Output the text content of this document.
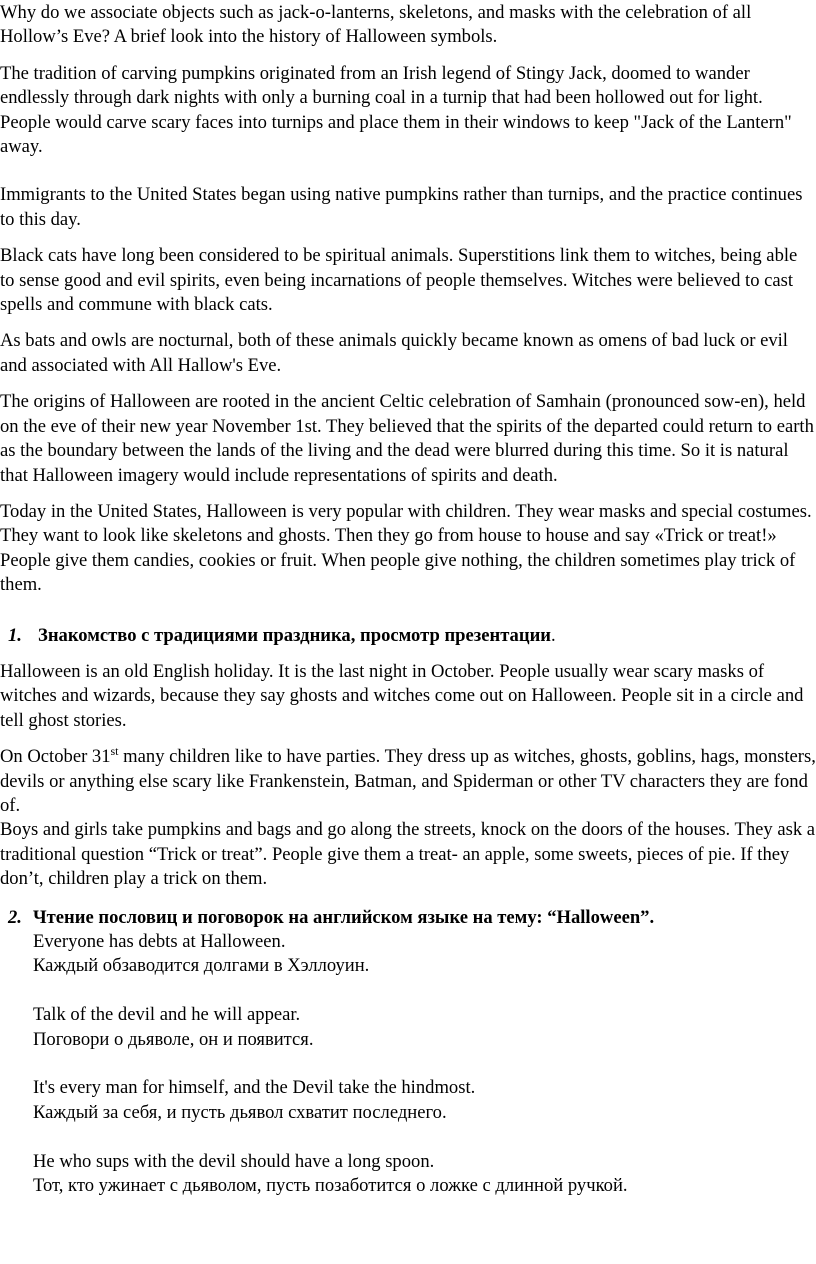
Why do we associate objects such as jack-o-lanterns, skeletons, and masks with the celebration of all Hollow’s Eve? A brief look into the history of Halloween symbols.

The tradition of carving pumpkins originated from an Irish legend of Stingy Jack, doomed to wander endlessly through dark nights with only a burning coal in a turnip that had been hollowed out for light. People would carve scary faces into turnips and place them in their windows to keep "Jack of the Lantern" away.

Immigrants to the United States began using native pumpkins rather than turnips, and the practice continues to this day.

Black cats have long been considered to be spiritual animals. Superstitions link them to witches, being able to sense good and evil spirits, even being incarnations of people themselves. Witches were believed to cast spells and commune with black cats.

As bats and owls are nocturnal, both of these animals quickly became known as omens of bad luck or evil and associated with All Hallow's Eve.

The origins of Halloween are rooted in the ancient Celtic celebration of Samhain (pronounced sow-en), held on the eve of their new year November 1st. They believed that the spirits of the departed could return to earth as the boundary between the lands of the living and the dead were blurred during this time. So it is natural that Halloween imagery would include representations of spirits and death.

Today in the United States, Halloween is very popular with children. They wear masks and special costumes. They want to look like skeletons and ghosts. Then they go from house to house and say «Trick or treat!» People give them candies, cookies or fruit. When people give nothing, the children sometimes play trick of them.

1. Знакомство с традициями праздника, просмотр презентации.

Halloween is an old English holiday. It is the last night in October. People usually wear scary masks of witches and wizards, because they say ghosts and witches come out on Halloween. People sit in a circle and tell ghost stories.

On October 31st many children like to have parties. They dress up as witches, ghosts, goblins, hags, monsters, devils or anything else scary like Frankenstein, Batman, and Spiderman or other TV characters they are fond of.

Boys and girls take pumpkins and bags and go along the streets, knock on the doors of the houses. They ask a traditional question “Trick or treat”. People give them a treat- an apple, some sweets, pieces of pie. If they don’t, children play a trick on them.

2. Чтение пословиц и поговорок на английском языке на тему: “Halloween”.
Everyone has debts at Halloween.
Каждый обзаводится долгами в Хэллоуин.
Talk of the devil and he will appear.
Поговори о дьяволе, он и появится.
It's every man for himself, and the Devil take the hindmost.
Каждый за себя, и пусть дьявол схватит последнего.
He who sups with the devil should have a long spoon.
Тот, кто ужинает с дьяволом, пусть позаботится о ложке с длинной ручкой.
